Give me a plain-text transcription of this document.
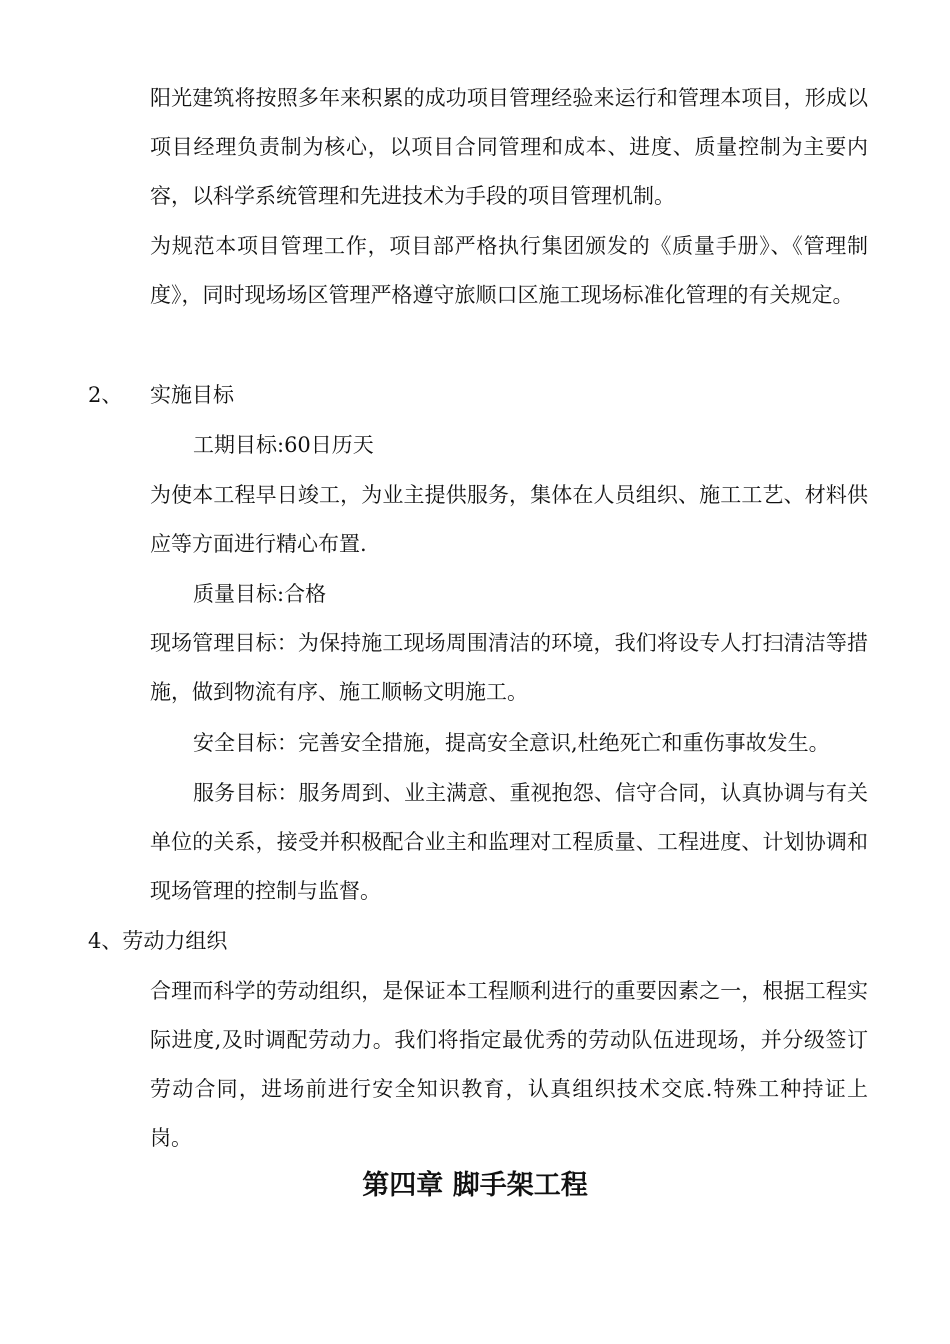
阳光建筑将按照多年来积累的成功项目管理经验来运行和管理本项目，形成以项目经理负责制为核心，以项目合同管理和成本、进度、质量控制为主要内容，以科学系统管理和先进技术为手段的项目管理机制。

为规范本项目管理工作，项目部严格执行集团颁发的《质量手册》、《管理制度》，同时现场场区管理严格遵守旅顺口区施工现场标准化管理的有关规定。

2、 实施目标

工期目标:60日历天

为使本工程早日竣工，为业主提供服务，集体在人员组织、施工工艺、材料供应等方面进行精心布置.

质量目标:合格

现场管理目标：为保持施工现场周围清洁的环境，我们将设专人打扫清洁等措施，做到物流有序、施工顺畅文明施工。

安全目标：完善安全措施，提高安全意识,杜绝死亡和重伤事故发生。

服务目标：服务周到、业主满意、重视抱怨、信守合同，认真协调与有关单位的关系，接受并积极配合业主和监理对工程质量、工程进度、计划协调和现场管理的控制与监督。

4、劳动力组织

合理而科学的劳动组织，是保证本工程顺利进行的重要因素之一，根据工程实际进度,及时调配劳动力。我们将指定最优秀的劳动队伍进现场，并分级签订劳动合同，进场前进行安全知识教育，认真组织技术交底.特殊工种持证上岗。

第四章 脚手架工程
